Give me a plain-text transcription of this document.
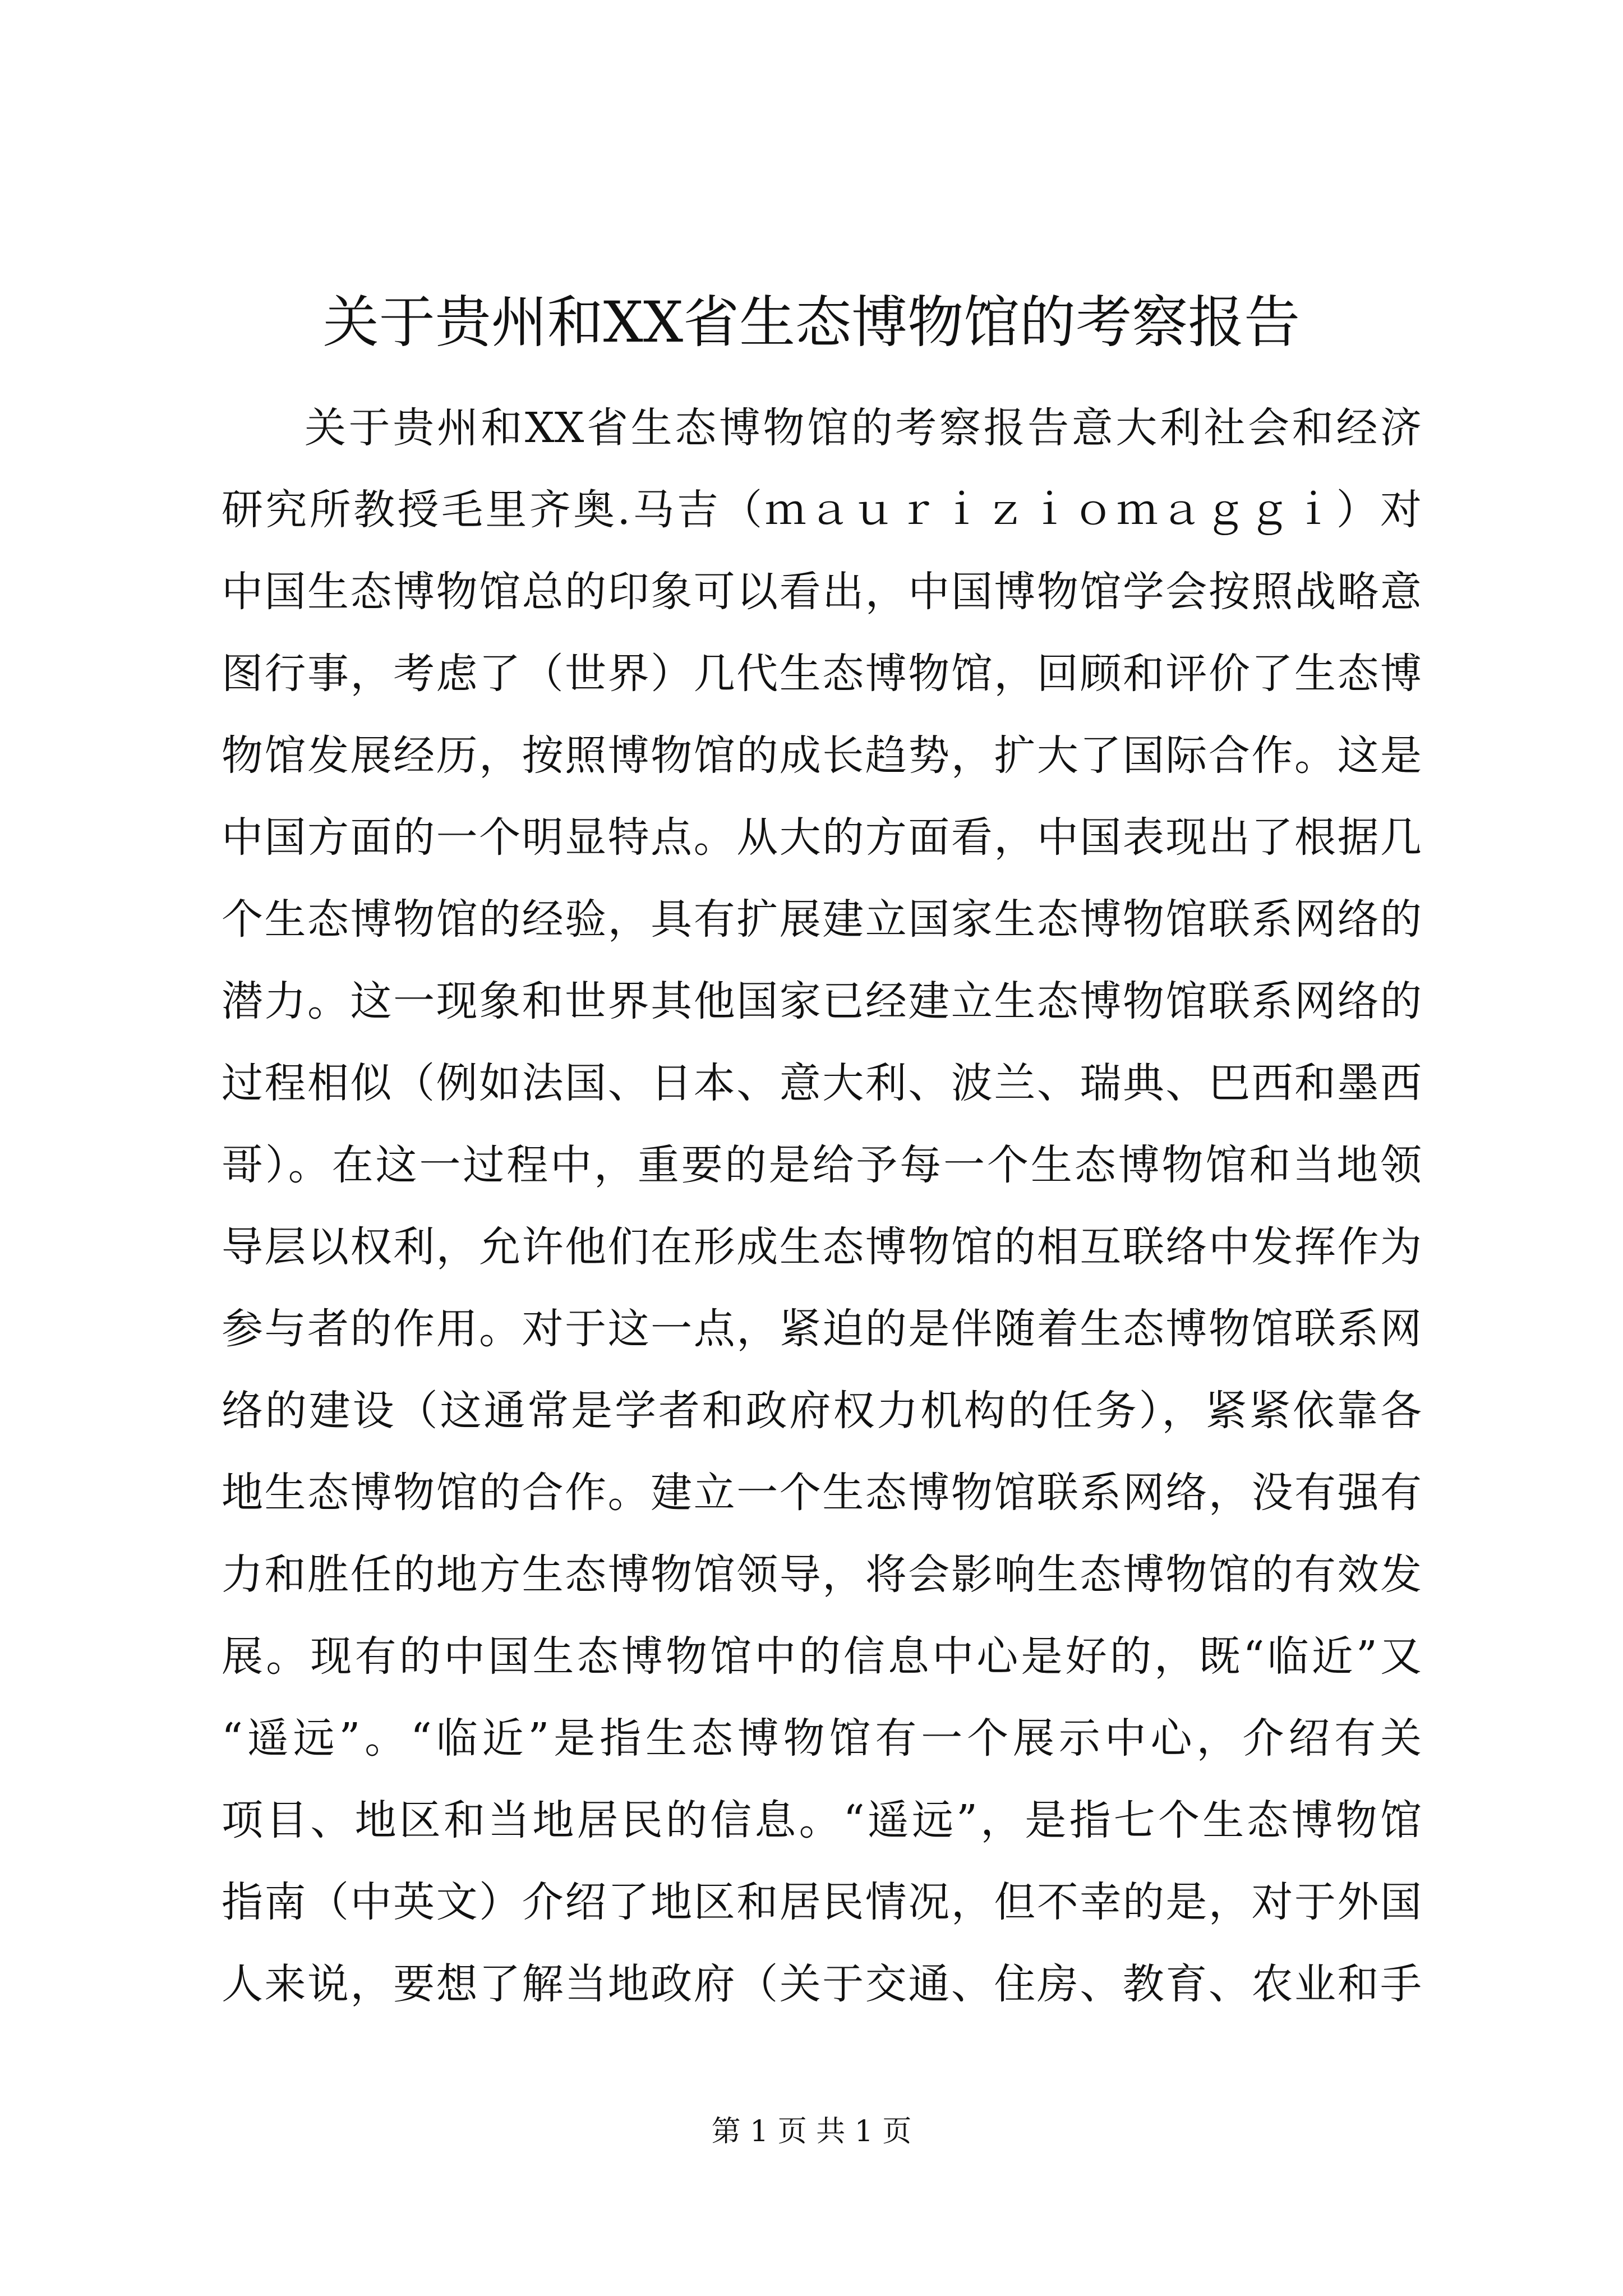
关于贵州和XX省生态博物馆的考察报告
关于贵州和XX省生态博物馆的考察报告意大利社会和经济
研究所教授毛里齐奥.马吉（ｍａｕｒｉｚｉｏｍａｇｇｉ）对
中国生态博物馆总的印象可以看出，中国博物馆学会按照战略意
图行事，考虑了（世界）几代生态博物馆，回顾和评价了生态博
物馆发展经历，按照博物馆的成长趋势，扩大了国际合作。这是
中国方面的一个明显特点。从大的方面看，中国表现出了根据几
个生态博物馆的经验，具有扩展建立国家生态博物馆联系网络的
潜力。这一现象和世界其他国家已经建立生态博物馆联系网络的
过程相似（例如法国、日本、意大利、波兰、瑞典、巴西和墨西
哥）。在这一过程中，重要的是给予每一个生态博物馆和当地领
导层以权利，允许他们在形成生态博物馆的相互联络中发挥作为
参与者的作用。对于这一点，紧迫的是伴随着生态博物馆联系网
络的建设（这通常是学者和政府权力机构的任务），紧紧依靠各
地生态博物馆的合作。建立一个生态博物馆联系网络，没有强有
力和胜任的地方生态博物馆领导，将会影响生态博物馆的有效发
展。现有的中国生态博物馆中的信息中心是好的，既“临近”又
“遥远”。“临近”是指生态博物馆有一个展示中心，介绍有关
项目、地区和当地居民的信息。“遥远”，是指七个生态博物馆
指南（中英文）介绍了地区和居民情况，但不幸的是，对于外国
人来说，要想了解当地政府（关于交通、住房、教育、农业和手
第 1 页 共 1 页
